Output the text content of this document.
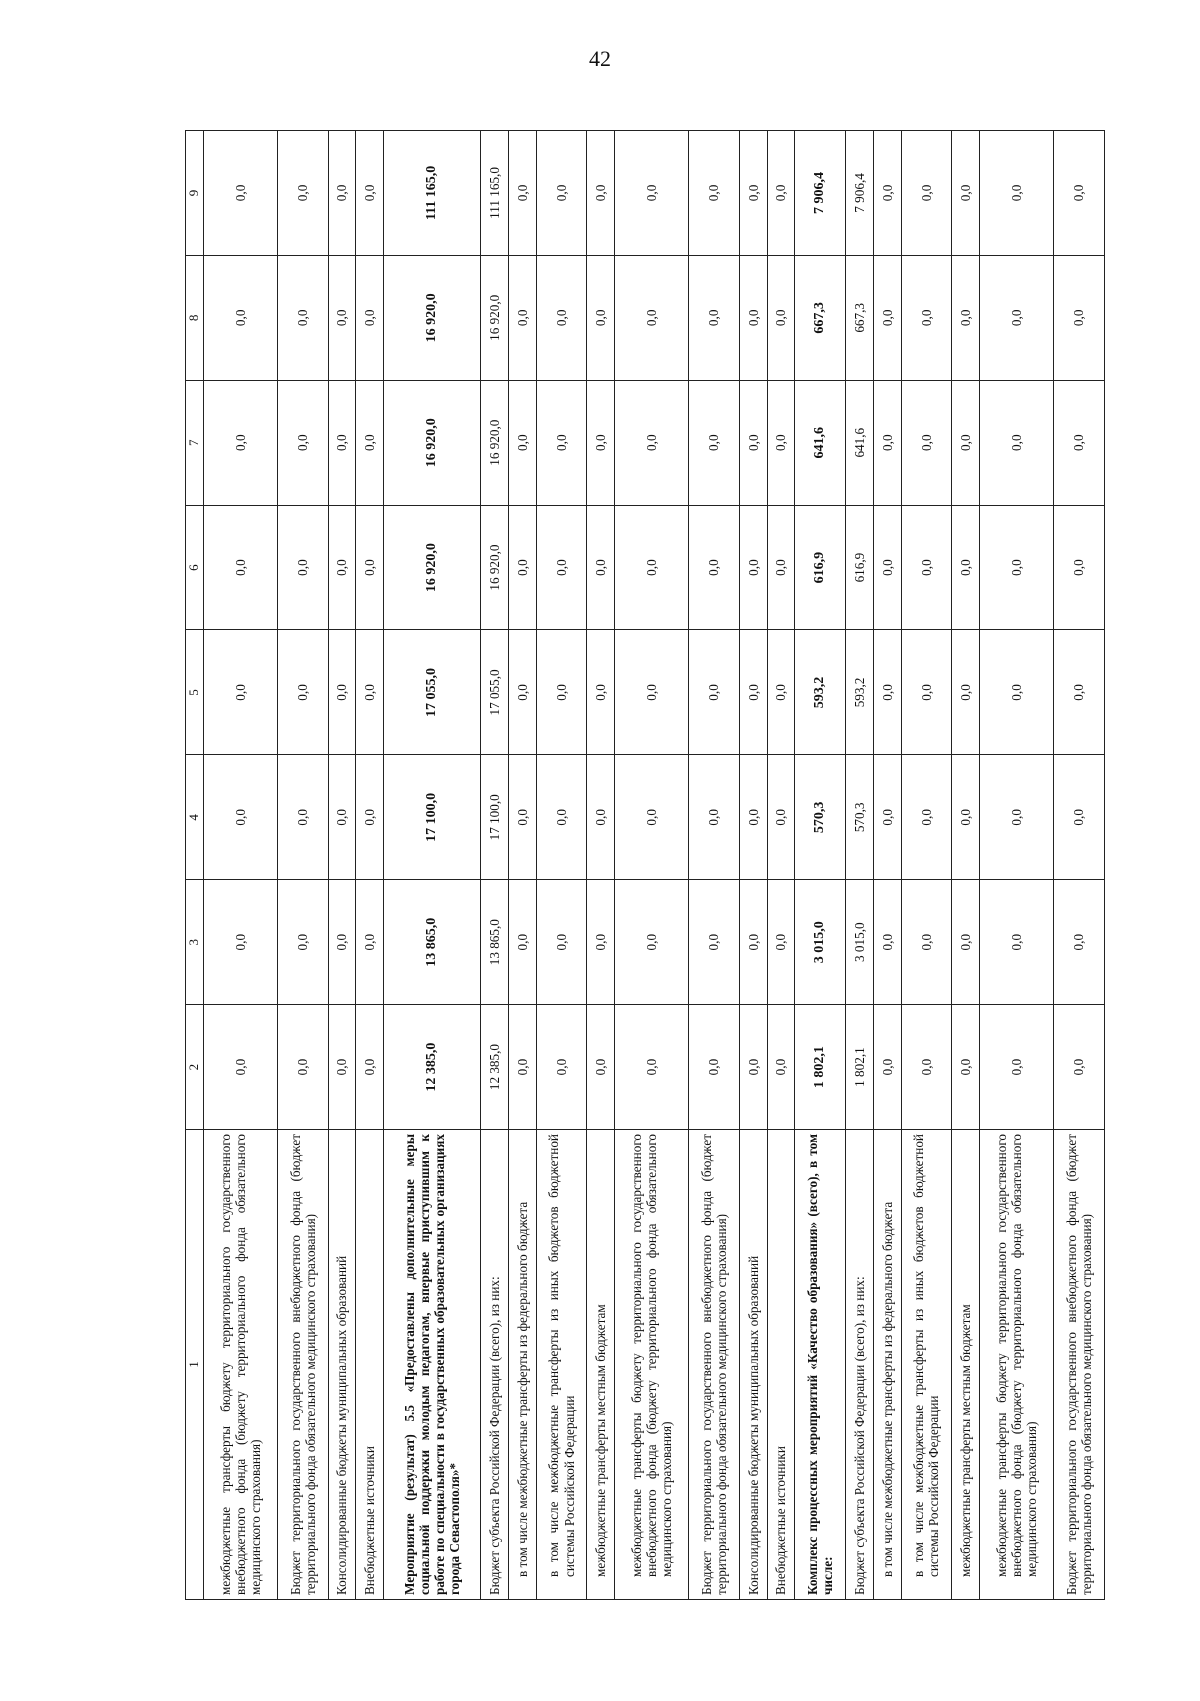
42
1	2	3	4	5	6	7	8	9
межбюджетные трансферты бюджету территориального государственного внебюджетного фонда (бюджету территориального фонда обязательного медицинского страхования)	0,0	0,0	0,0	0,0	0,0	0,0	0,0	0,0
Бюджет территориального государственного внебюджетного фонда (бюджет территориального фонда обязательного медицинского страхования)	0,0	0,0	0,0	0,0	0,0	0,0	0,0	0,0
Консолидированные бюджеты муниципальных образований	0,0	0,0	0,0	0,0	0,0	0,0	0,0	0,0
Внебюджетные источники	0,0	0,0	0,0	0,0	0,0	0,0	0,0	0,0
Мероприятие (результат) 5.5 «Предоставлены дополнительные меры социальной поддержки молодым педагогам, впервые приступившим к работе по специальности в государственных образовательных организациях города Севастополя»*	12 385,0	13 865,0	17 100,0	17 055,0	16 920,0	16 920,0	16 920,0	111 165,0
Бюджет субъекта Российской Федерации (всего), из них:	12 385,0	13 865,0	17 100,0	17 055,0	16 920,0	16 920,0	16 920,0	111 165,0
в том числе межбюджетные трансферты из федерального бюджета	0,0	0,0	0,0	0,0	0,0	0,0	0,0	0,0
в том числе межбюджетные трансферты из иных бюджетов бюджетной системы Российской Федерации	0,0	0,0	0,0	0,0	0,0	0,0	0,0	0,0
межбюджетные трансферты местным бюджетам	0,0	0,0	0,0	0,0	0,0	0,0	0,0	0,0
межбюджетные трансферты бюджету территориального государственного внебюджетного фонда (бюджету территориального фонда обязательного медицинского страхования)	0,0	0,0	0,0	0,0	0,0	0,0	0,0	0,0
Бюджет территориального государственного внебюджетного фонда (бюджет территориального фонда обязательного медицинского страхования)	0,0	0,0	0,0	0,0	0,0	0,0	0,0	0,0
Консолидированные бюджеты муниципальных образований	0,0	0,0	0,0	0,0	0,0	0,0	0,0	0,0
Внебюджетные источники	0,0	0,0	0,0	0,0	0,0	0,0	0,0	0,0
Комплекс процессных мероприятий «Качество образования» (всего), в том числе:	1 802,1	3 015,0	570,3	593,2	616,9	641,6	667,3	7 906,4
Бюджет субъекта Российской Федерации (всего), из них:	1 802,1	3 015,0	570,3	593,2	616,9	641,6	667,3	7 906,4
в том числе межбюджетные трансферты из федерального бюджета	0,0	0,0	0,0	0,0	0,0	0,0	0,0	0,0
в том числе межбюджетные трансферты из иных бюджетов бюджетной системы Российской Федерации	0,0	0,0	0,0	0,0	0,0	0,0	0,0	0,0
межбюджетные трансферты местным бюджетам	0,0	0,0	0,0	0,0	0,0	0,0	0,0	0,0
межбюджетные трансферты бюджету территориального государственного внебюджетного фонда (бюджету территориального фонда обязательного медицинского страхования)	0,0	0,0	0,0	0,0	0,0	0,0	0,0	0,0
Бюджет территориального государственного внебюджетного фонда (бюджет территориального фонда обязательного медицинского страхования)	0,0	0,0	0,0	0,0	0,0	0,0	0,0	0,0
